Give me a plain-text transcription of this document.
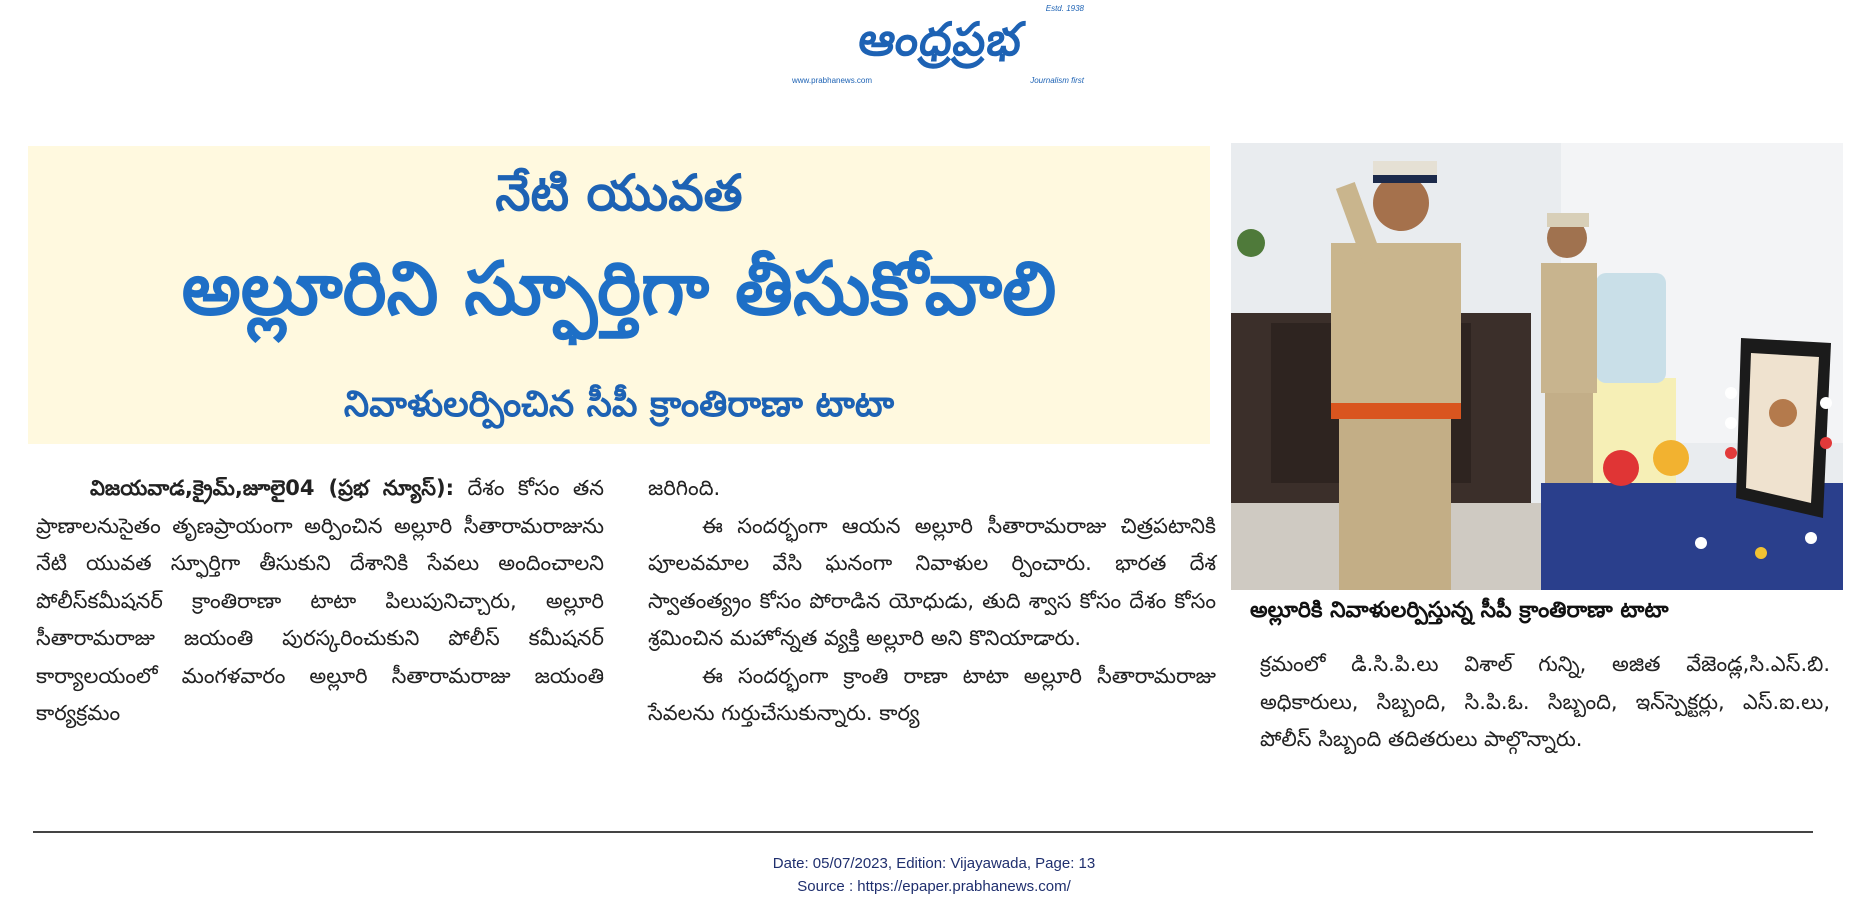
Estd. 1938
ఆంధ్రప్రభ
www.prabhanews.com	Journalism first
నేటి యువత
అల్లూరిని స్ఫూర్తిగా తీసుకోవాలి
నివాళులర్పించిన సీపీ క్రాంతిరాణా టాటా
అల్లూరికి నివాళులర్పిస్తున్న సీపీ క్రాంతిరాణా టాటా

విజయవాడ,క్రైమ్,జూలై04 (ప్రభ న్యూస్): దేశం కోసం తన ప్రాణాలనుసైతం తృణప్రాయంగా అర్పించిన అల్లూరి సీతారామరాజును నేటి యువత స్ఫూర్తిగా తీసుకుని దేశానికి సేవలు అందించాలని పోలీస్‌కమీషనర్ క్రాంతిరాణా టాటా పిలుపునిచ్చారు, అల్లూరి సీతారామరాజు జయంతి పురస్కరించుకుని పోలీస్ కమీషనర్ కార్యాలయంలో మంగళవారం అల్లూరి సీతారామరాజు జయంతి కార్యక్రమం

జరిగింది.

ఈ సందర్భంగా ఆయన అల్లూరి సీతారామరాజు చిత్రపటానికి పూలవమాల వేసి ఘనంగా నివాళుల ర్పించారు. భారత దేశ స్వాతంత్య్రం కోసం పోరాడిన యోధుడు, తుది శ్వాస కోసం దేశం కోసం శ్రమించిన మహోన్నత వ్యక్తి అల్లూరి అని కొనియాడారు.

ఈ సందర్భంగా క్రాంతి రాణా టాటా అల్లూరి సీతారామరాజు సేవలను గుర్తుచేసుకున్నారు. కార్య

క్రమంలో డి.సి.పి.లు విశాల్ గున్ని, అజిత వేజెండ్ల,సి.ఎస్.బి. అధికారులు, సిబ్బంది, సి.పి.ఓ. సిబ్బంది, ఇన్‌స్పెక్టర్లు, ఎస్.ఐ.లు, పోలీస్ సిబ్బంది తదితరులు పాల్గొన్నారు.

Date: 05/07/2023, Edition: Vijayawada, Page: 13
Source : https://epaper.prabhanews.com/
